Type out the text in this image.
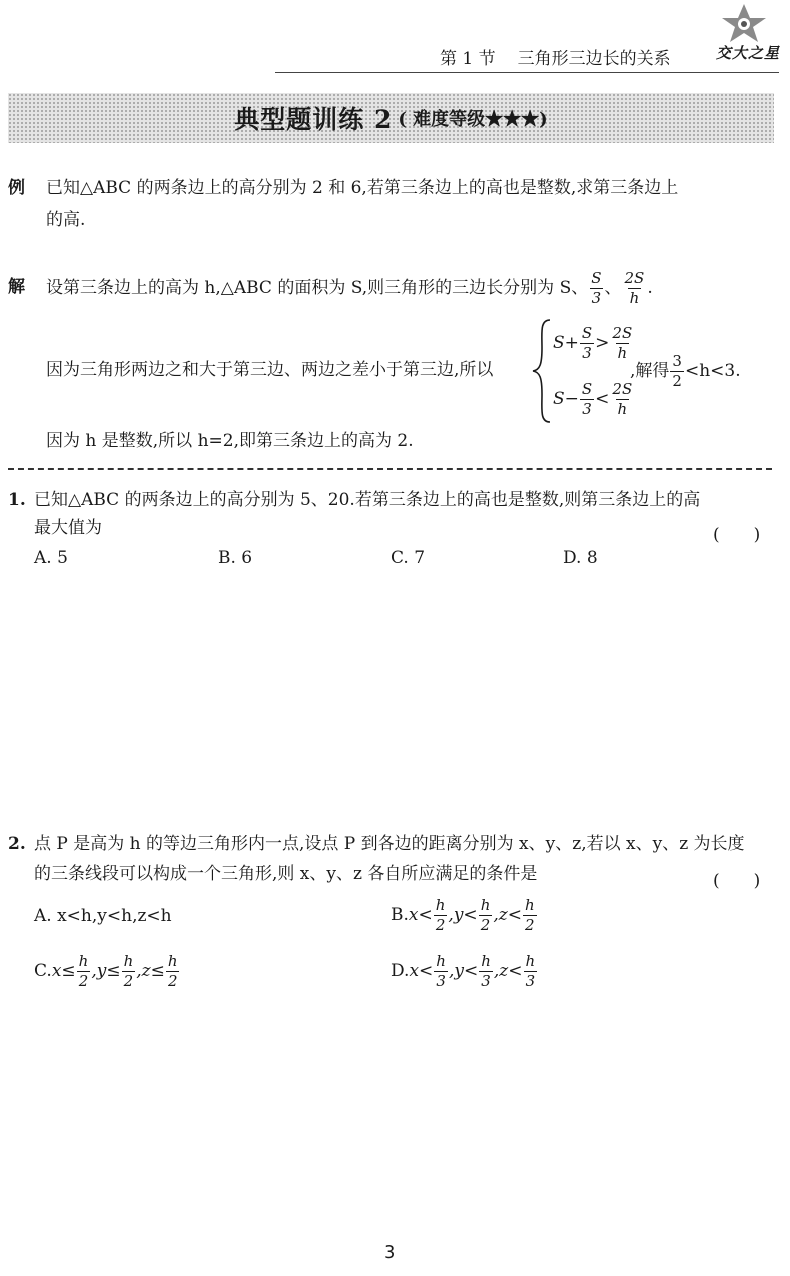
第 1 节 三角形三边长的关系	交大之星
典型题训练 2 ( 难度等级★★★)
例 已知△ABC 的两条边上的高分别为 2 和 6,若第三条边上的高也是整数,求第三条边上
的高.
解 设第三条边上的高为 h,△ABC 的面积为 S,则三角形的三边长分别为 S、 $\frac{S}{3}$ 、 $\frac{2S}{h}$ .
因为三角形两边之和大于第三边、两边之差小于第三边,所以
$S+ \frac{S}{3} > \frac{2S}{h}$
$S- \frac{S}{3} < \frac{2S}{h}$
,解得 $\frac{3}{2} <h<3$.
因为 h 是整数,所以 h=2,即第三条边上的高为 2.
1. 已知△ABC 的两条边上的高分别为 5、20.若第三条边上的高也是整数,则第三条边上的高
最大值为	(　　)
A. 5	B. 6	C. 7	D. 8
2. 点 P 是高为 h 的等边三角形内一点,设点 P 到各边的距离分别为 x、y、z,若以 x、y、z 为长度
的三条线段可以构成一个三角形,则 x、y、z 各自所应满足的条件是	(　　)
A. x<h,y<h,z<h	B. $x< \frac{h}{2} ,y< \frac{h}{2} ,z< \frac{h}{2}$
C. $x\le \frac{h}{2} ,y\le \frac{h}{2} ,z\le \frac{h}{2}$	D. $x< \frac{h}{3} ,y< \frac{h}{3} ,z< \frac{h}{3}$
3
